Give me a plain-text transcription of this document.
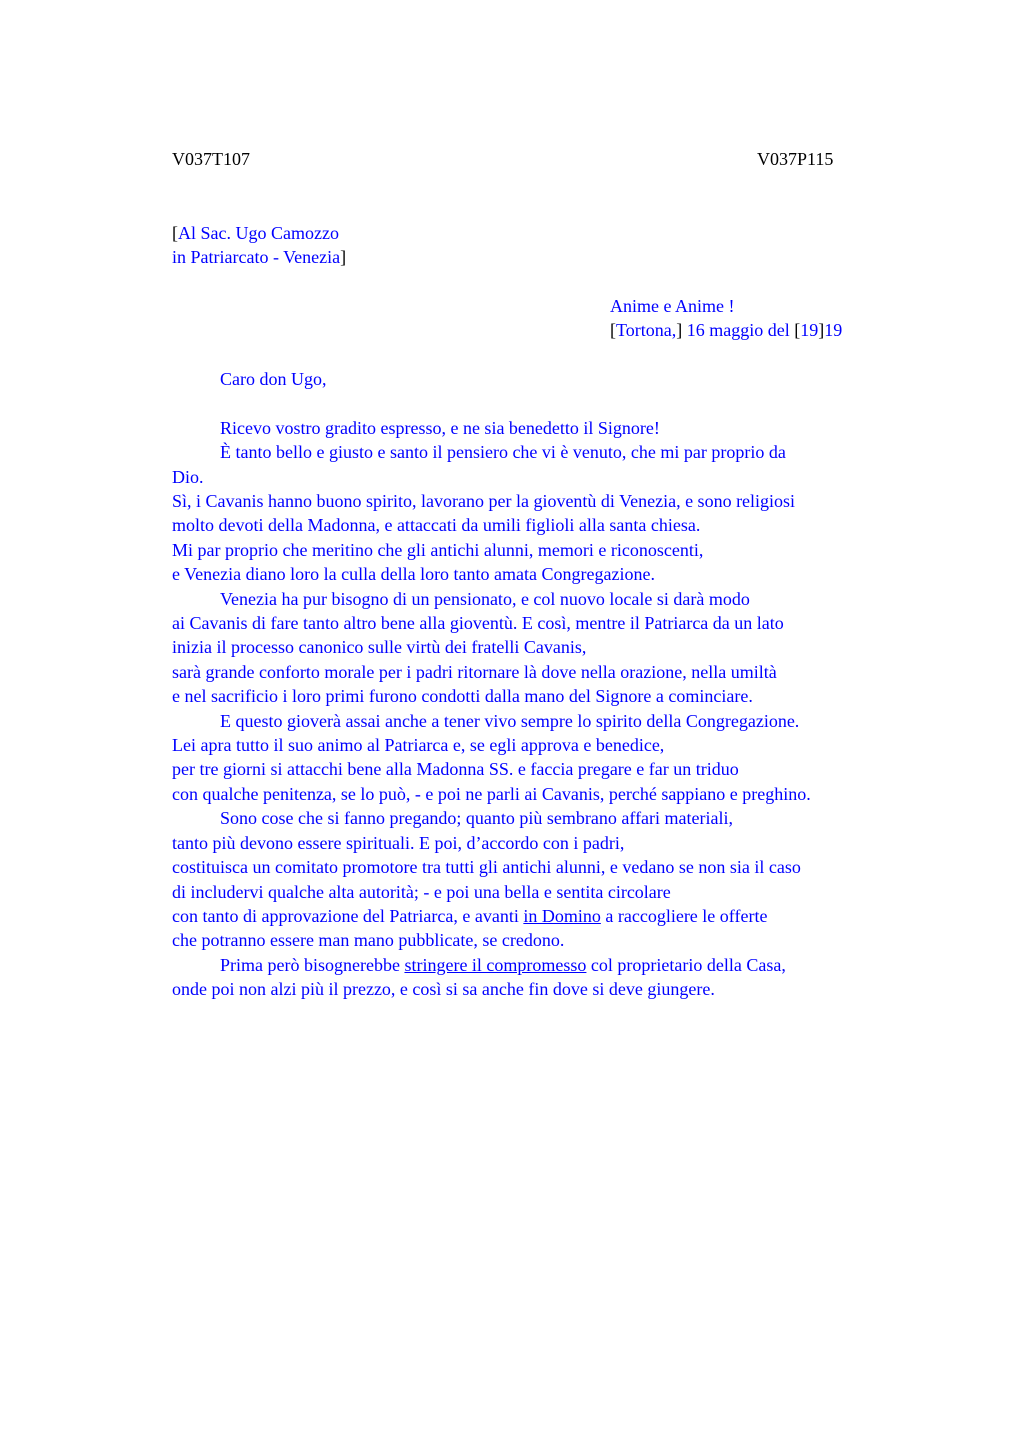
V037T107	V037P115
[Al Sac. Ugo Camozzo
in Patriarcato - Venezia]
Anime e Anime !
[Tortona,] 16 maggio del [19]19
Caro don Ugo,
Ricevo vostro gradito espresso, e ne sia benedetto il Signore!
È tanto bello e giusto e santo il pensiero che vi è venuto, che mi par proprio da
Dio.
Sì, i Cavanis hanno buono spirito, lavorano per la gioventù di Venezia, e sono religiosi
molto devoti della Madonna, e attaccati da umili figlioli alla santa chiesa.
Mi par proprio che meritino che gli antichi alunni, memori e riconoscenti,
e Venezia diano loro la culla della loro tanto amata Congregazione.
Venezia ha pur bisogno di un pensionato, e col nuovo locale si darà modo
ai Cavanis di fare tanto altro bene alla gioventù. E così, mentre il Patriarca da un lato
inizia il processo canonico sulle virtù dei fratelli Cavanis,
sarà grande conforto morale per i padri ritornare là dove nella orazione, nella umiltà
e nel sacrificio i loro primi furono condotti dalla mano del Signore a cominciare.
E questo gioverà assai anche a tener vivo sempre lo spirito della Congregazione.
Lei apra tutto il suo animo al Patriarca e, se egli approva e benedice,
per tre giorni si attacchi bene alla Madonna SS. e faccia pregare e far un triduo
con qualche penitenza, se lo può, - e poi ne parli ai Cavanis, perché sappiano e preghino.
Sono cose che si fanno pregando; quanto più sembrano affari materiali,
tanto più devono essere spirituali. E poi, d’accordo con i padri,
costituisca un comitato promotore tra tutti gli antichi alunni, e vedano se non sia il caso
di includervi qualche alta autorità; - e poi una bella e sentita circolare
con tanto di approvazione del Patriarca, e avanti in Domino a raccogliere le offerte
che potranno essere man mano pubblicate, se credono.
Prima però bisognerebbe stringere il compromesso col proprietario della Casa,
onde poi non alzi più il prezzo, e così si sa anche fin dove si deve giungere.
